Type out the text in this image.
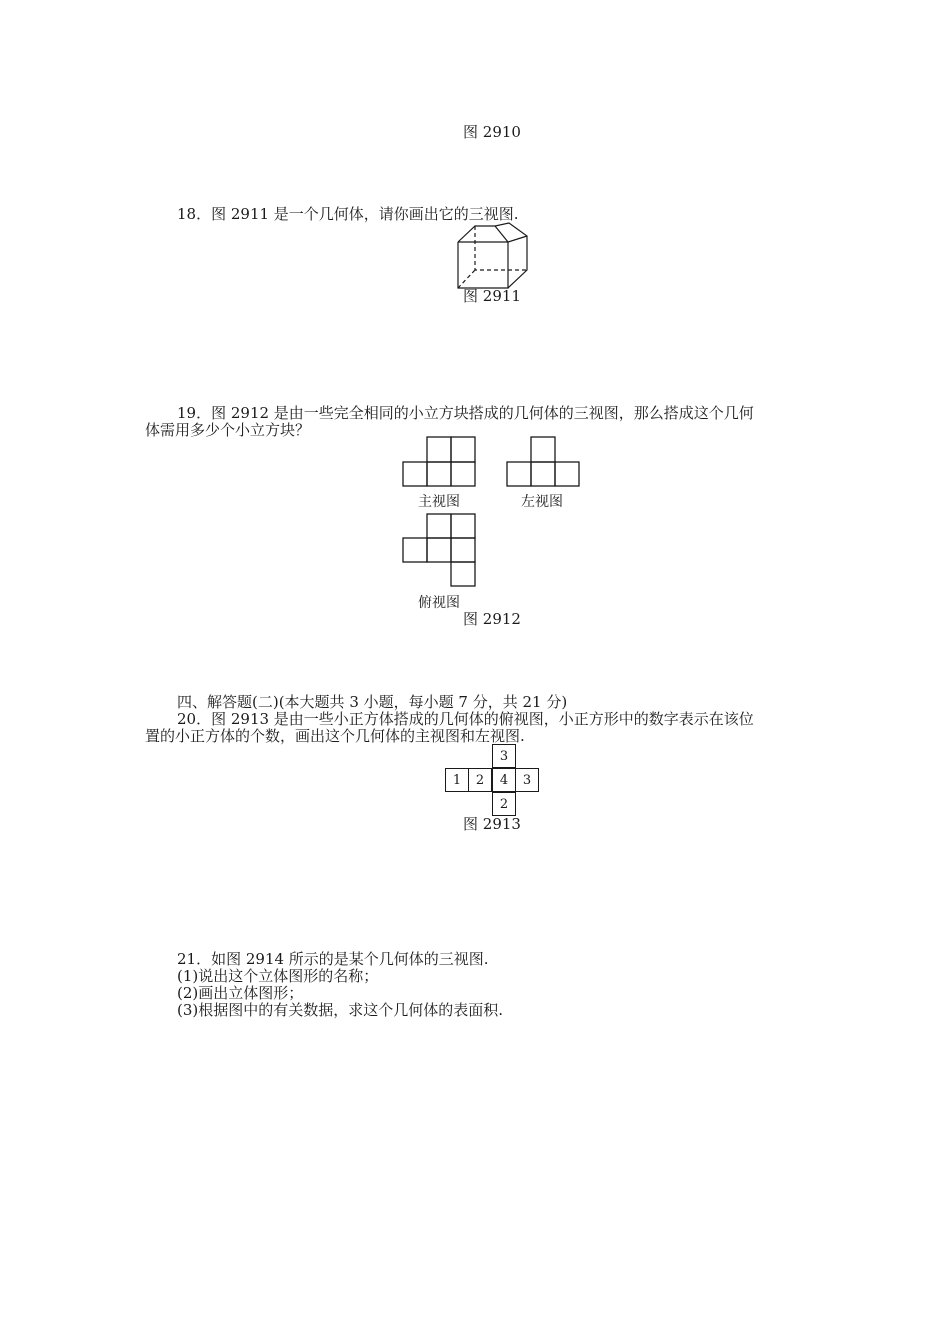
图 2910
18．图 2911 是一个几何体，请你画出它的三视图.
图 2911
19．图 2912 是由一些完全相同的小立方块搭成的几何体的三视图，那么搭成这个几何
体需用多少个小立方块？
主视图	左视图
俯视图
图 2912
四、解答题(二)(本大题共 3 小题，每小题 7 分，共 21 分)
20．图 2913 是由一些小正方体搭成的几何体的俯视图，小正方形中的数字表示在该位
置的小正方体的个数，画出这个几何体的主视图和左视图.
3
1	2	4	3
2
图 2913
21．如图 2914 所示的是某个几何体的三视图.
(1)说出这个立体图形的名称；
(2)画出立体图形；
(3)根据图中的有关数据，求这个几何体的表面积.
